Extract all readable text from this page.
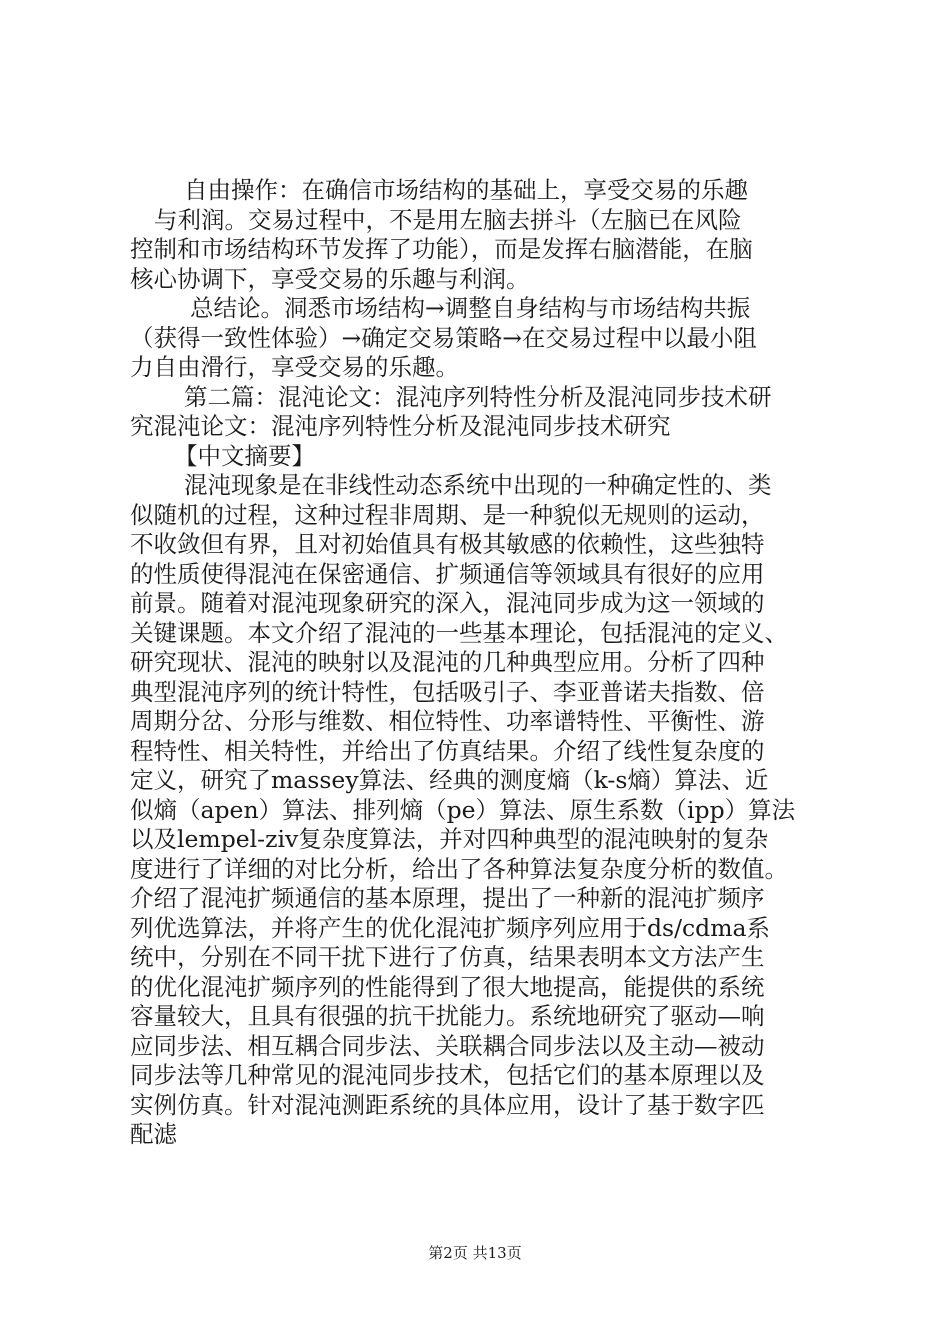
自由操作：在确信市场结构的基础上，享受交易的乐趣
与利润。交易过程中，不是用左脑去拼斗（左脑已在风险
控制和市场结构环节发挥了功能），而是发挥右脑潜能，在脑
核心协调下，享受交易的乐趣与利润。
总结论。洞悉市场结构→调整自身结构与市场结构共振
（获得一致性体验）→确定交易策略→在交易过程中以最小阻
力自由滑行，享受交易的乐趣。
第二篇：混沌论文：混沌序列特性分析及混沌同步技术研
究混沌论文：混沌序列特性分析及混沌同步技术研究
【中文摘要】
混沌现象是在非线性动态系统中出现的一种确定性的、类
似随机的过程，这种过程非周期、是一种貌似无规则的运动，
不收敛但有界，且对初始值具有极其敏感的依赖性，这些独特
的性质使得混沌在保密通信、扩频通信等领域具有很好的应用
前景。随着对混沌现象研究的深入，混沌同步成为这一领域的
关键课题。本文介绍了混沌的一些基本理论，包括混沌的定义、
研究现状、混沌的映射以及混沌的几种典型应用。分析了四种
典型混沌序列的统计特性，包括吸引子、李亚普诺夫指数、倍
周期分岔、分形与维数、相位特性、功率谱特性、平衡性、游
程特性、相关特性，并给出了仿真结果。介绍了线性复杂度的
定义，研究了massey算法、经典的测度熵（k-s熵）算法、近
似熵（apen）算法、排列熵（pe）算法、原生系数（ipp）算法
以及lempel-ziv复杂度算法，并对四种典型的混沌映射的复杂
度进行了详细的对比分析，给出了各种算法复杂度分析的数值。
介绍了混沌扩频通信的基本原理，提出了一种新的混沌扩频序
列优选算法，并将产生的优化混沌扩频序列应用于ds/cdma系
统中，分别在不同干扰下进行了仿真，结果表明本文方法产生
的优化混沌扩频序列的性能得到了很大地提高，能提供的系统
容量较大，且具有很强的抗干扰能力。系统地研究了驱动—响
应同步法、相互耦合同步法、关联耦合同步法以及主动—被动
同步法等几种常见的混沌同步技术，包括它们的基本原理以及
实例仿真。针对混沌测距系统的具体应用，设计了基于数字匹
配滤
第2页 共13页
